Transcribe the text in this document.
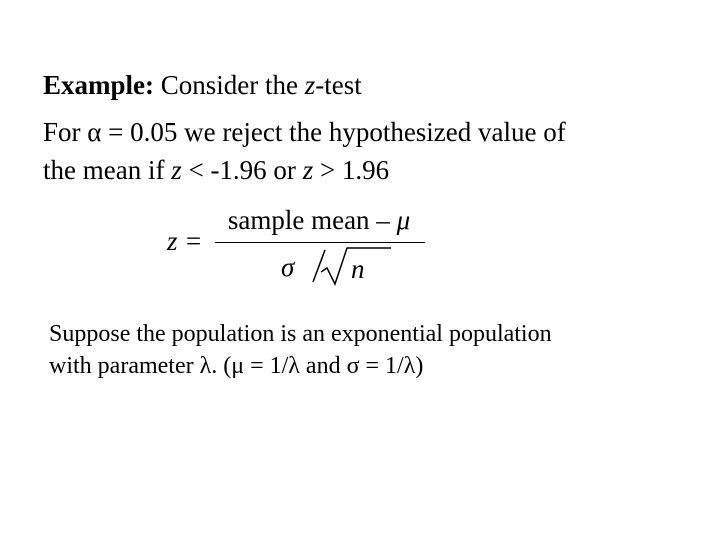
Example: Consider the z-test
For α = 0.05 we reject the hypothesized value of
the mean if z < -1.96 or z > 1.96
z =
sample mean – μ
σ n
Suppose the population is an exponential population
with parameter λ. (μ = 1/λ and σ = 1/λ)
